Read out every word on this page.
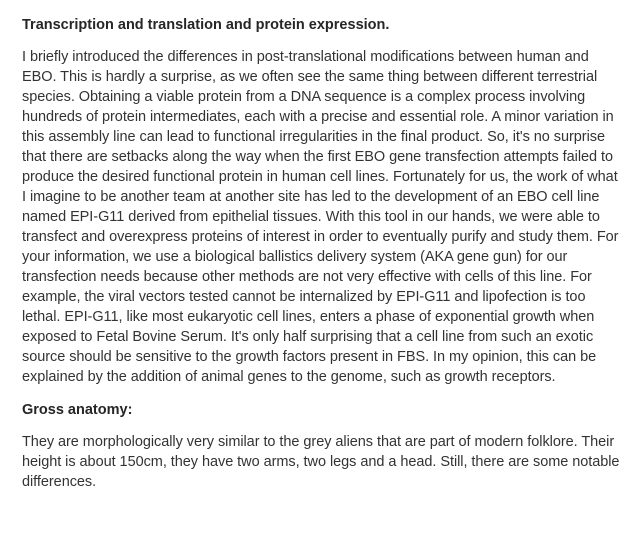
Transcription and translation and protein expression.

I briefly introduced the differences in post-translational modifications between human and EBO. This is hardly a surprise, as we often see the same thing between different terrestrial species. Obtaining a viable protein from a DNA sequence is a complex process involving hundreds of protein intermediates, each with a precise and essential role. A minor variation in this assembly line can lead to functional irregularities in the final product. So, it's no surprise that there are setbacks along the way when the first EBO gene transfection attempts failed to produce the desired functional protein in human cell lines. Fortunately for us, the work of what I imagine to be another team at another site has led to the development of an EBO cell line named EPI-G11 derived from epithelial tissues. With this tool in our hands, we were able to transfect and overexpress proteins of interest in order to eventually purify and study them. For your information, we use a biological ballistics delivery system (AKA gene gun) for our transfection needs because other methods are not very effective with cells of this line. For example, the viral vectors tested cannot be internalized by EPI-G11 and lipofection is too lethal. EPI-G11, like most eukaryotic cell lines, enters a phase of exponential growth when exposed to Fetal Bovine Serum. It's only half surprising that a cell line from such an exotic source should be sensitive to the growth factors present in FBS. In my opinion, this can be explained by the addition of animal genes to the genome, such as growth receptors.

Gross anatomy:

They are morphologically very similar to the grey aliens that are part of modern folklore. Their height is about 150cm, they have two arms, two legs and a head. Still, there are some notable differences.
